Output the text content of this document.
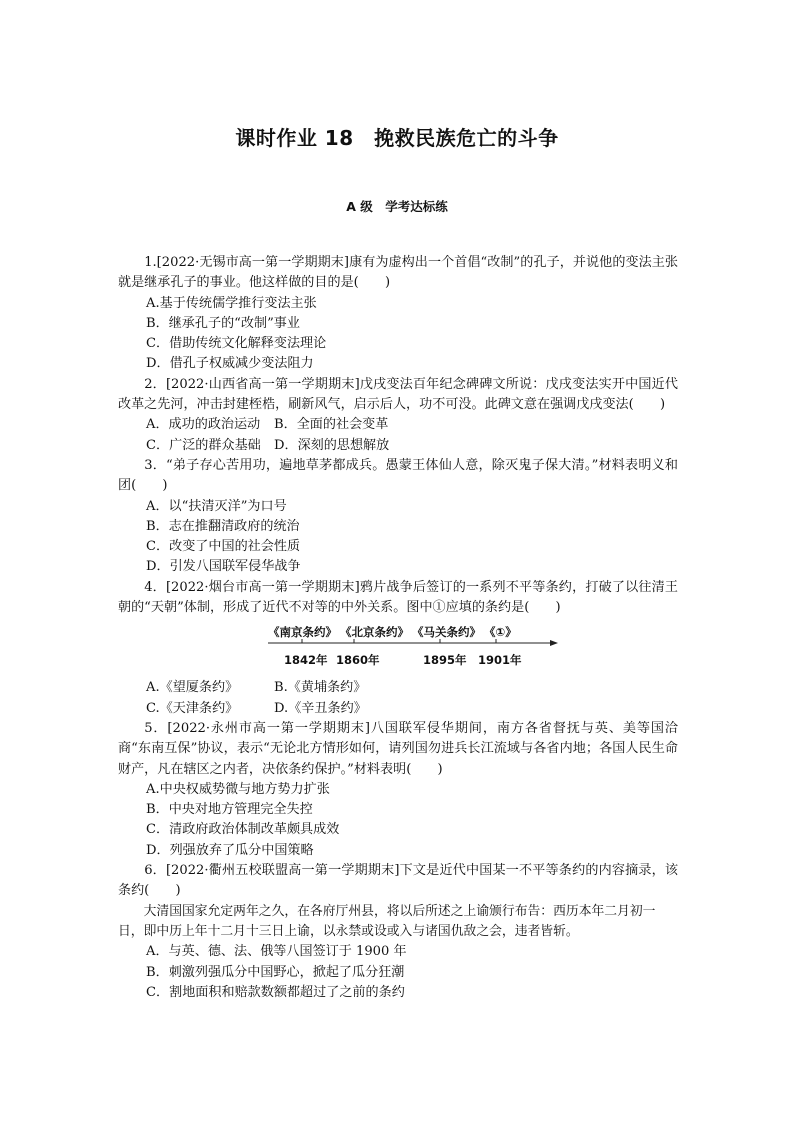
课时作业 18　挽救民族危亡的斗争
A 级　学考达标练

1.[2022·无锡市高一第一学期期末]康有为虚构出一个首倡“改制”的孔子，并说他的变法主张就是继承孔子的事业。他这样做的目的是(　　)

A.基于传统儒学推行变法主张

B．继承孔子的“改制”事业

C．借助传统文化解释变法理论

D．借孔子权威减少变法阻力

2．[2022·山西省高一第一学期期末]戊戌变法百年纪念碑碑文所说：戊戌变法实开中国近代改革之先河，冲击封建桎梏，刷新风气，启示后人，功不可没。此碑文意在强调戊戌变法(　　)

A．成功的政治运动 B．全面的社会变革

C．广泛的群众基础 D．深刻的思想解放

3．“弟子存心苦用功，遍地草茅都成兵。愚蒙王体仙人意，除灭鬼子保大清。”材料表明义和团(　　)

A．以“扶清灭洋”为口号

B．志在推翻清政府的统治

C．改变了中国的社会性质

D．引发八国联军侵华战争

4．[2022·烟台市高一第一学期期末]鸦片战争后签订的一系列不平等条约，打破了以往清王朝的“天朝”体制，形成了近代不对等的中外关系。图中①应填的条约是(　　)

《南京条约》 《北京条约》 《马关条约》 《①》
1842年 1860年	1895年 1901年

A.《望厦条约》	B.《黄埔条约》

C.《天津条约》	D.《辛丑条约》

5．[2022·永州市高一第一学期期末]八国联军侵华期间，南方各省督抚与英、美等国洽商“东南互保”协议，表示“无论北方情形如何，请列国勿进兵长江流域与各省内地；各国人民生命财产，凡在辖区之内者，决依条约保护。”材料表明(　　)

A.中央权威势微与地方势力扩张

B．中央对地方管理完全失控

C．清政府政治体制改革颇具成效

D．列强放弃了瓜分中国策略

6．[2022·衢州五校联盟高一第一学期期末]下文是近代中国某一不平等条约的内容摘录，该条约(　　)

大清国国家允定两年之久，在各府厅州县，将以后所述之上谕颁行布告：西历本年二月初一日，即中历上年十二月十三日上谕，以永禁或设或入与诸国仇敌之会，违者皆斩。

A．与英、德、法、俄等八国签订于 1900 年

B．刺激列强瓜分中国野心，掀起了瓜分狂潮

C．割地面积和赔款数额都超过了之前的条约
